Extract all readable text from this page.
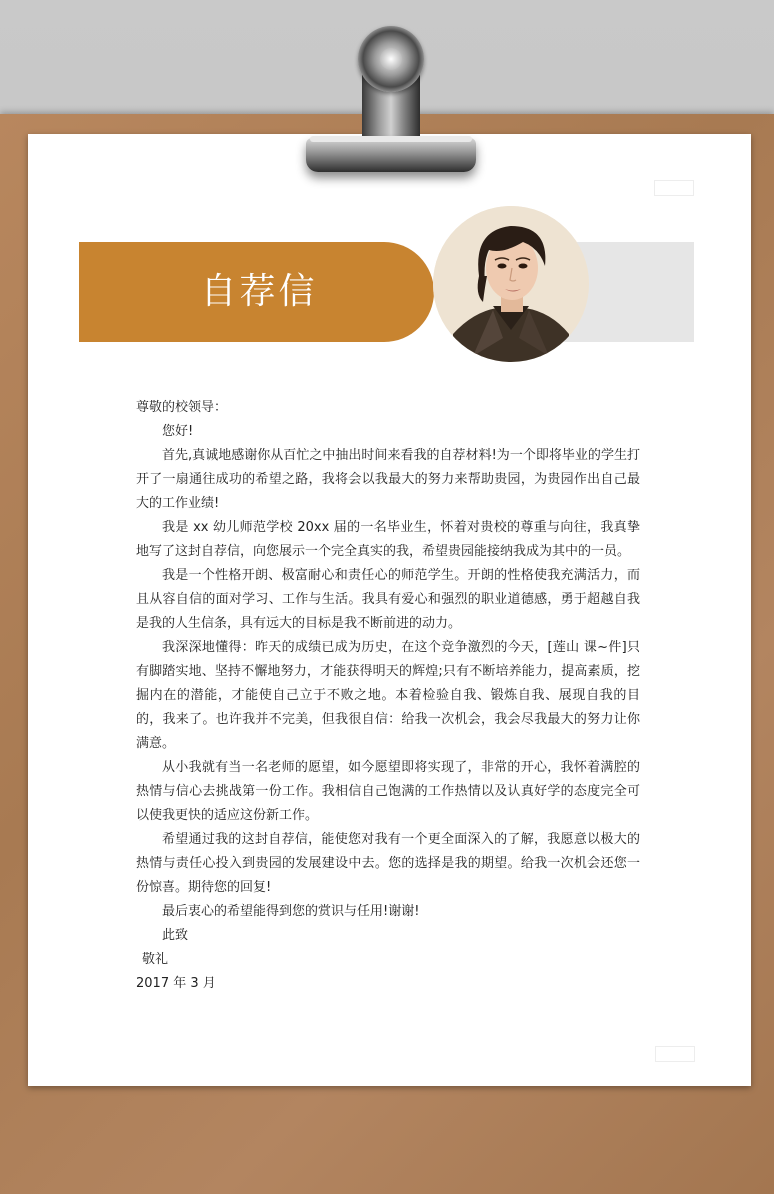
自荐信

尊敬的校领导：

您好!

首先,真诚地感谢你从百忙之中抽出时间来看我的自荐材料!为一个即将毕业的学生打开了一扇通往成功的希望之路，我将会以我最大的努力来帮助贵园，为贵园作出自己最大的工作业绩!

我是 xx 幼儿师范学校 20xx 届的一名毕业生，怀着对贵校的尊重与向往，我真挚地写了这封自荐信，向您展示一个完全真实的我，希望贵园能接纳我成为其中的一员。

我是一个性格开朗、极富耐心和责任心的师范学生。开朗的性格使我充满活力，而且从容自信的面对学习、工作与生活。我具有爱心和强烈的职业道德感，勇于超越自我是我的人生信条，具有远大的目标是我不断前进的动力。

我深深地懂得：昨天的成绩已成为历史，在这个竞争激烈的今天，[莲山 课~件]只有脚踏实地、坚持不懈地努力，才能获得明天的辉煌;只有不断培养能力，提高素质，挖掘内在的潜能，才能使自己立于不败之地。本着检验自我、锻炼自我、展现自我的目的，我来了。也许我并不完美，但我很自信：给我一次机会，我会尽我最大的努力让你满意。

从小我就有当一名老师的愿望，如今愿望即将实现了，非常的开心，我怀着满腔的热情与信心去挑战第一份工作。我相信自己饱满的工作热情以及认真好学的态度完全可以使我更快的适应这份新工作。

希望通过我的这封自荐信，能使您对我有一个更全面深入的了解，我愿意以极大的热情与责任心投入到贵园的发展建设中去。您的选择是我的期望。给我一次机会还您一份惊喜。期待您的回复!

最后衷心的希望能得到您的赏识与任用!谢谢!

此致

敬礼

2017 年 3 月
